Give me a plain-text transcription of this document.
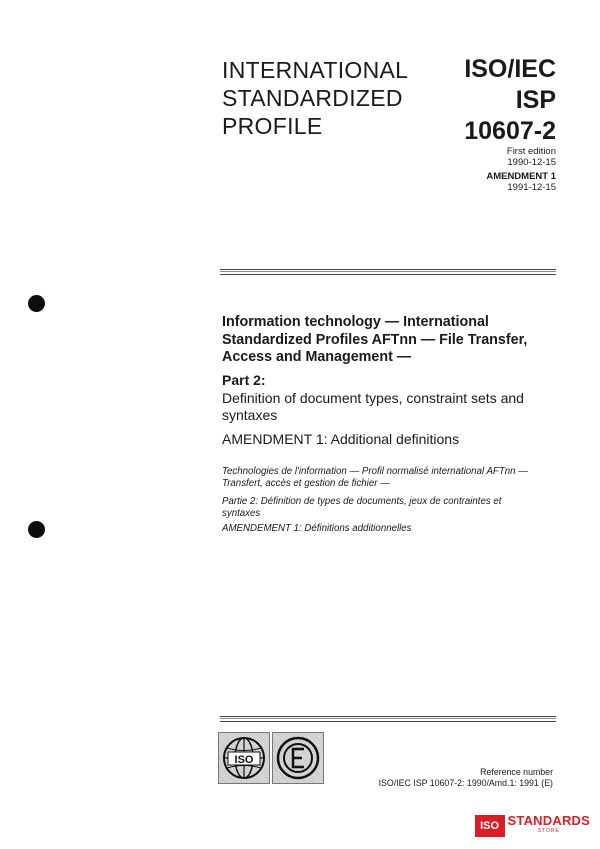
INTERNATIONAL
STANDARDIZED
PROFILE
ISO/IEC
ISP
10607-2
First edition
1990-12-15
AMENDMENT 1
1991-12-15
Information technology — International
Standardized Profiles AFTnn — File Transfer,
Access and Management —
Part 2:
Definition of document types, constraint sets and
syntaxes
AMENDMENT 1: Additional definitions
Technologies de l'information — Profil normalisé international AFTnn —
Transfert, accès et gestion de fichier —
Partie 2: Définition de types de documents, jeux de contraintes et
syntaxes
AMENDEMENT 1: Définitions additionnelles
ISO
Reference number
ISO/IEC ISP 10607-2: 1990/Amd.1: 1991 (E)
ISO STANDARDS
STORE
